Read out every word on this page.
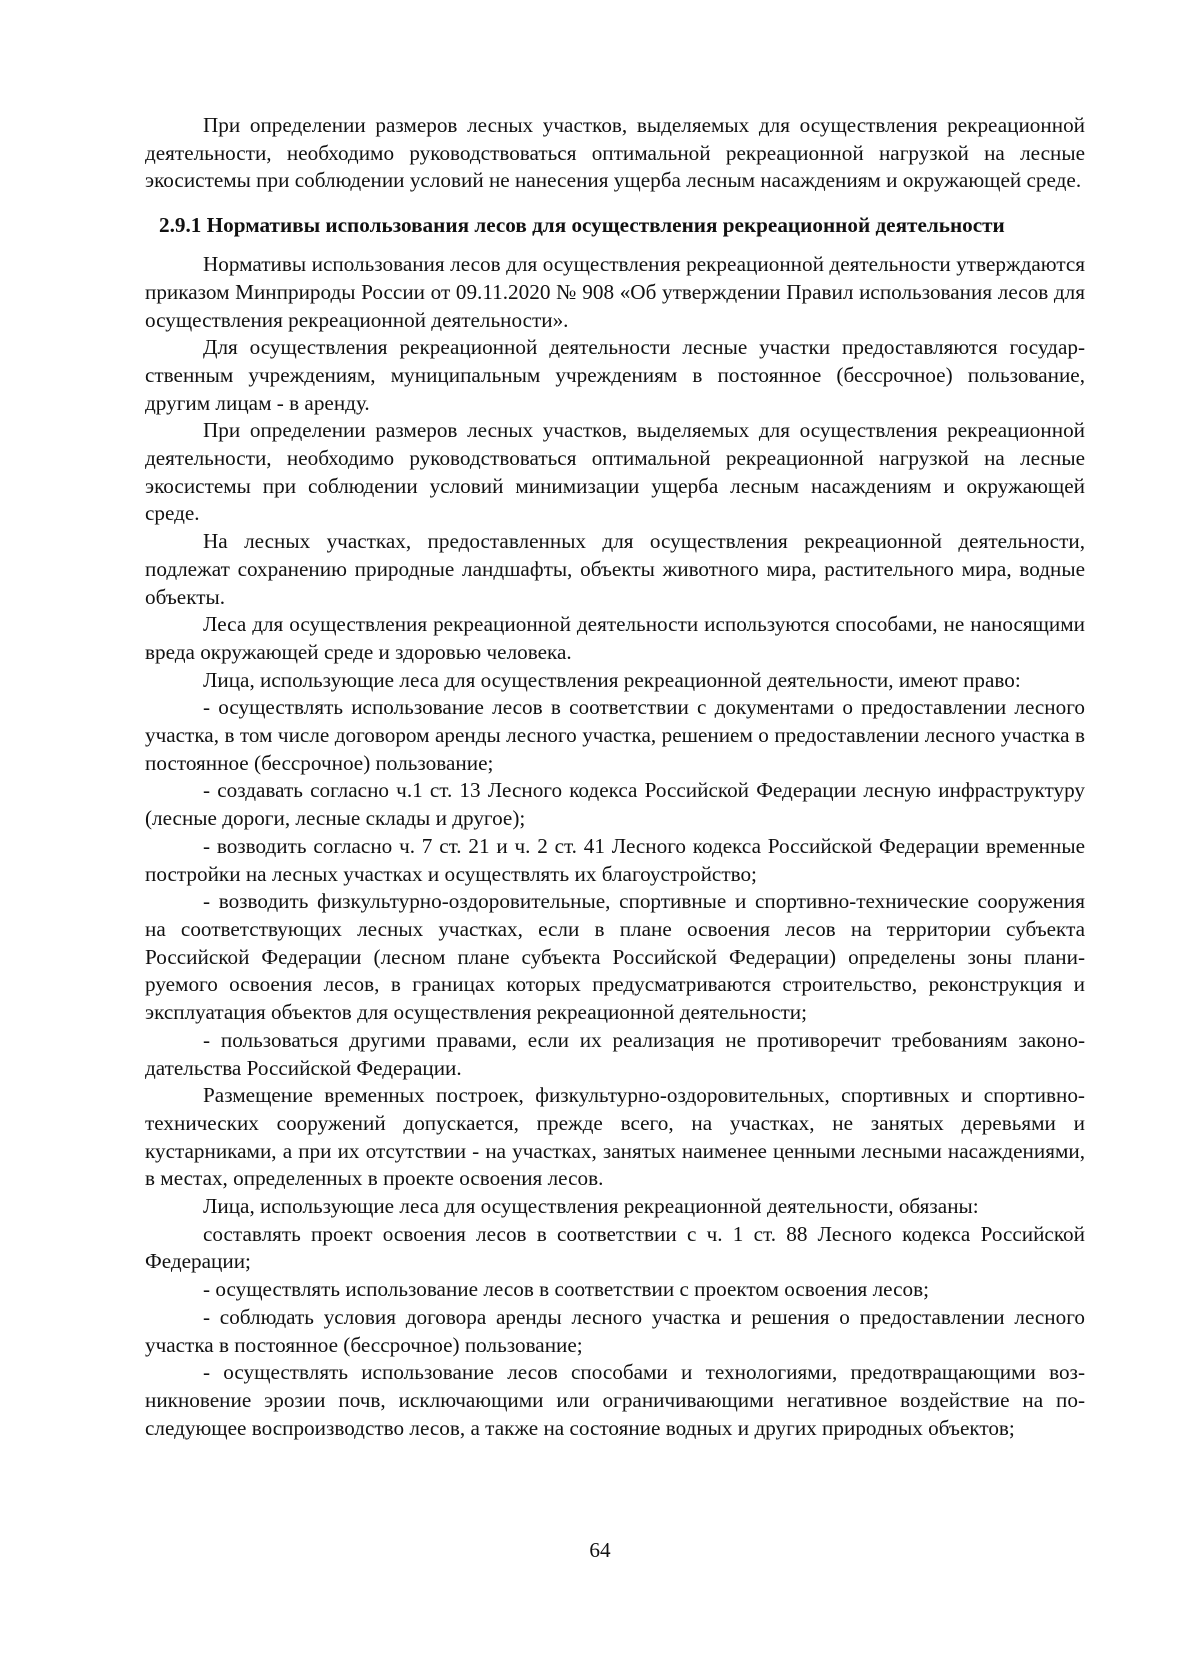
При определении размеров лесных участков, выделяемых для осуществления рекреационной деятельности, необходимо руководствоваться оптимальной рекреационной нагрузкой на лесные экосистемы при соблюдении условий не нанесения ущерба лесным насаждениям и окружающей среде.

2.9.1 Нормативы использования лесов для осуществления рекреационной деятельности

Нормативы использования лесов для осуществления рекреационной деятельности утверждаются приказом Минприроды России от 09.11.2020 № 908 «Об утверждении Правил использования лесов для осуществления рекреационной деятельности».

Для осуществления рекреационной деятельности лесные участки предоставляются государственным учреждениям, муниципальным учреждениям в постоянное (бессрочное) пользование, другим лицам - в аренду.

При определении размеров лесных участков, выделяемых для осуществления рекреационной деятельности, необходимо руководствоваться оптимальной рекреационной нагрузкой на лесные экосистемы при соблюдении условий минимизации ущерба лесным насаждениям и окружающей среде.

На лесных участках, предоставленных для осуществления рекреационной деятельности, подлежат сохранению природные ландшафты, объекты животного мира, растительного мира, водные объекты.

Леса для осуществления рекреационной деятельности используются способами, не наносящими вреда окружающей среде и здоровью человека.

Лица, использующие леса для осуществления рекреационной деятельности, имеют право:

- осуществлять использование лесов в соответствии с документами о предоставлении лесного участка, в том числе договором аренды лесного участка, решением о предоставлении лесного участка в постоянное (бессрочное) пользование;

- создавать согласно ч.1 ст. 13 Лесного кодекса Российской Федерации лесную инфраструктуру (лесные дороги, лесные склады и другое);

- возводить согласно ч. 7 ст. 21 и ч. 2 ст. 41 Лесного кодекса Российской Федерации временные постройки на лесных участках и осуществлять их благоустройство;

- возводить физкультурно-оздоровительные, спортивные и спортивно-технические сооружения на соответствующих лесных участках, если в плане освоения лесов на территории субъекта Российской Федерации (лесном плане субъекта Российской Федерации) определены зоны планируемого освоения лесов, в границах которых предусматриваются строительство, реконструкция и эксплуатация объектов для осуществления рекреационной деятельности;

- пользоваться другими правами, если их реализация не противоречит требованиям законодательства Российской Федерации.

Размещение временных построек, физкультурно-оздоровительных, спортивных и спортивно-технических сооружений допускается, прежде всего, на участках, не занятых деревьями и кустарниками, а при их отсутствии - на участках, занятых наименее ценными лесными насаждениями, в местах, определенных в проекте освоения лесов.

Лица, использующие леса для осуществления рекреационной деятельности, обязаны:

составлять проект освоения лесов в соответствии с ч. 1 ст. 88 Лесного кодекса Российской Федерации;

- осуществлять использование лесов в соответствии с проектом освоения лесов;

- соблюдать условия договора аренды лесного участка и решения о предоставлении лесного участка в постоянное (бессрочное) пользование;

- осуществлять использование лесов способами и технологиями, предотвращающими возникновение эрозии почв, исключающими или ограничивающими негативное воздействие на последующее воспроизводство лесов, а также на состояние водных и других природных объектов;

64
